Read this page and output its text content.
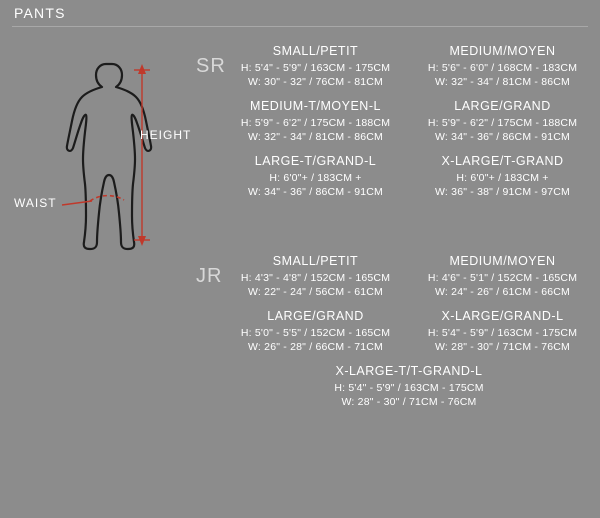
PANTS
WAIST
HEIGHT
SR
SMALL/PETIT
H: 5'4" - 5'9" / 163CM - 175CM
W: 30" - 32" / 76CM - 81CM
MEDIUM/MOYEN
H: 5'6" - 6'0" / 168CM - 183CM
W: 32" - 34" / 81CM - 86CM
MEDIUM-T/MOYEN-L
H: 5'9" - 6'2" / 175CM - 188CM
W: 32" - 34" / 81CM - 86CM
LARGE/GRAND
H: 5'9" - 6'2" / 175CM - 188CM
W: 34" - 36" / 86CM - 91CM
LARGE-T/GRAND-L
H: 6'0"+ / 183CM +
W: 34" - 36" / 86CM - 91CM
X-LARGE/T-GRAND
H: 6'0"+ / 183CM +
W: 36" - 38" / 91CM - 97CM
JR
SMALL/PETIT
H: 4'3" - 4'8" / 152CM - 165CM
W: 22" - 24" / 56CM - 61CM
MEDIUM/MOYEN
H: 4'6" - 5'1" / 152CM - 165CM
W: 24" - 26" / 61CM - 66CM
LARGE/GRAND
H: 5'0" - 5'5" / 152CM - 165CM
W: 26" - 28" / 66CM - 71CM
X-LARGE/GRAND-L
H: 5'4" - 5'9" / 163CM - 175CM
W: 28" - 30" / 71CM - 76CM
X-LARGE-T/T-GRAND-L
H: 5'4" - 5'9" / 163CM - 175CM
W: 28" - 30" / 71CM - 76CM
